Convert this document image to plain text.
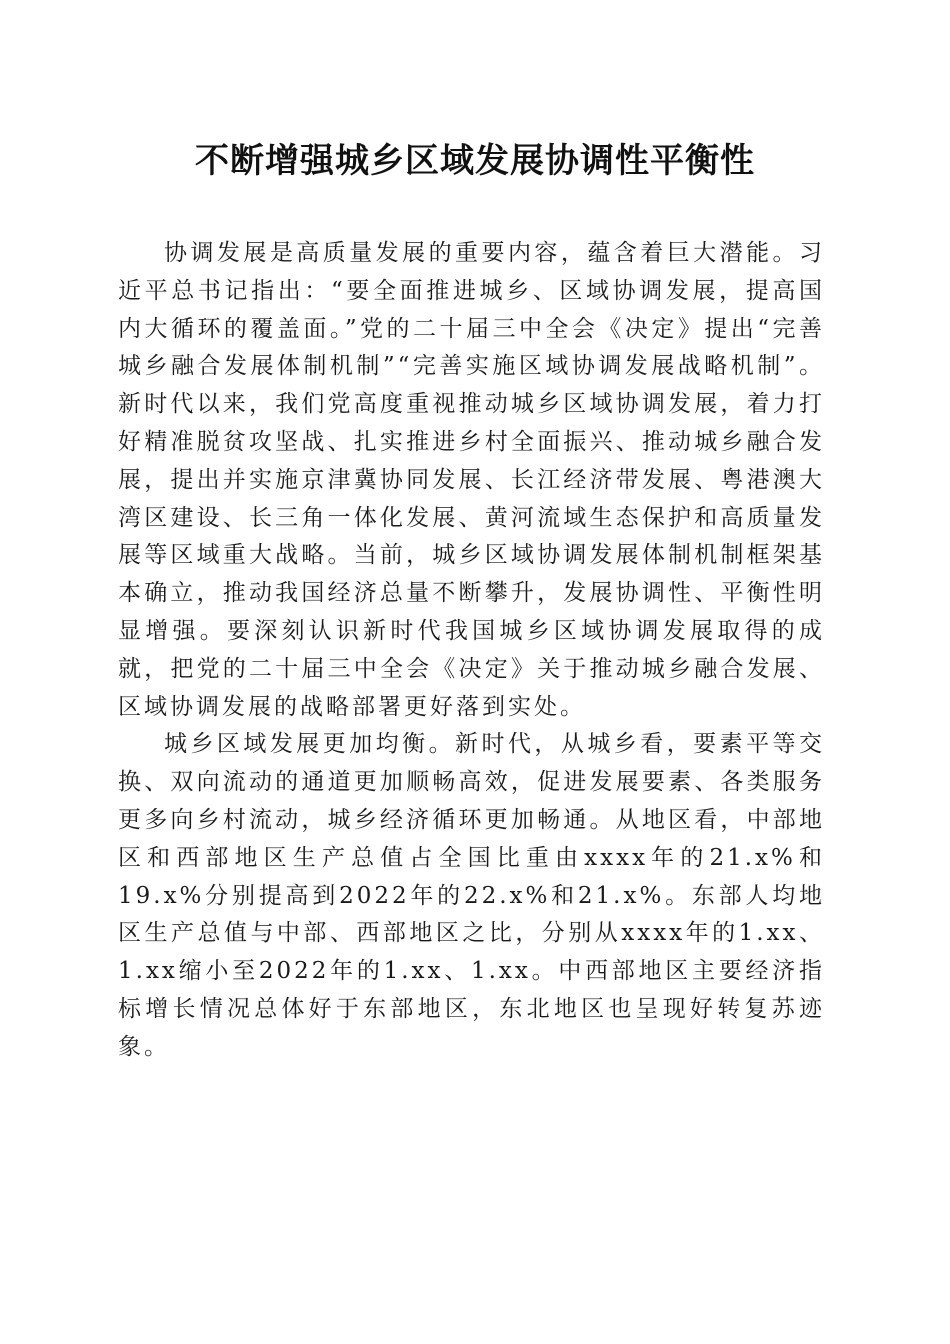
不断增强城乡区域发展协调性平衡性

协调发展是高质量发展的重要内容，蕴含着巨大潜能。习近平总书记指出：“要全面推进城乡、区域协调发展，提高国内大循环的覆盖面。”党的二十届三中全会《决定》提出“完善城乡融合发展体制机制”“完善实施区域协调发展战略机制”。新时代以来，我们党高度重视推动城乡区域协调发展，着力打好精准脱贫攻坚战、扎实推进乡村全面振兴、推动城乡融合发展，提出并实施京津冀协同发展、长江经济带发展、粤港澳大湾区建设、长三角一体化发展、黄河流域生态保护和高质量发展等区域重大战略。当前，城乡区域协调发展体制机制框架基本确立，推动我国经济总量不断攀升，发展协调性、平衡性明显增强。要深刻认识新时代我国城乡区域协调发展取得的成就，把党的二十届三中全会《决定》关于推动城乡融合发展、区域协调发展的战略部署更好落到实处。

城乡区域发展更加均衡。新时代，从城乡看，要素平等交换、双向流动的通道更加顺畅高效，促进发展要素、各类服务更多向乡村流动，城乡经济循环更加畅通。从地区看，中部地区和西部地区生产总值占全国比重由xxxx年的21.x%和19.x%分别提高到2022年的22.x%和21.x%。东部人均地区生产总值与中部、西部地区之比，分别从xxxx年的1.xx、1.xx缩小至2022年的1.xx、1.xx。中西部地区主要经济指标增长情况总体好于东部地区，东北地区也呈现好转复苏迹象。
